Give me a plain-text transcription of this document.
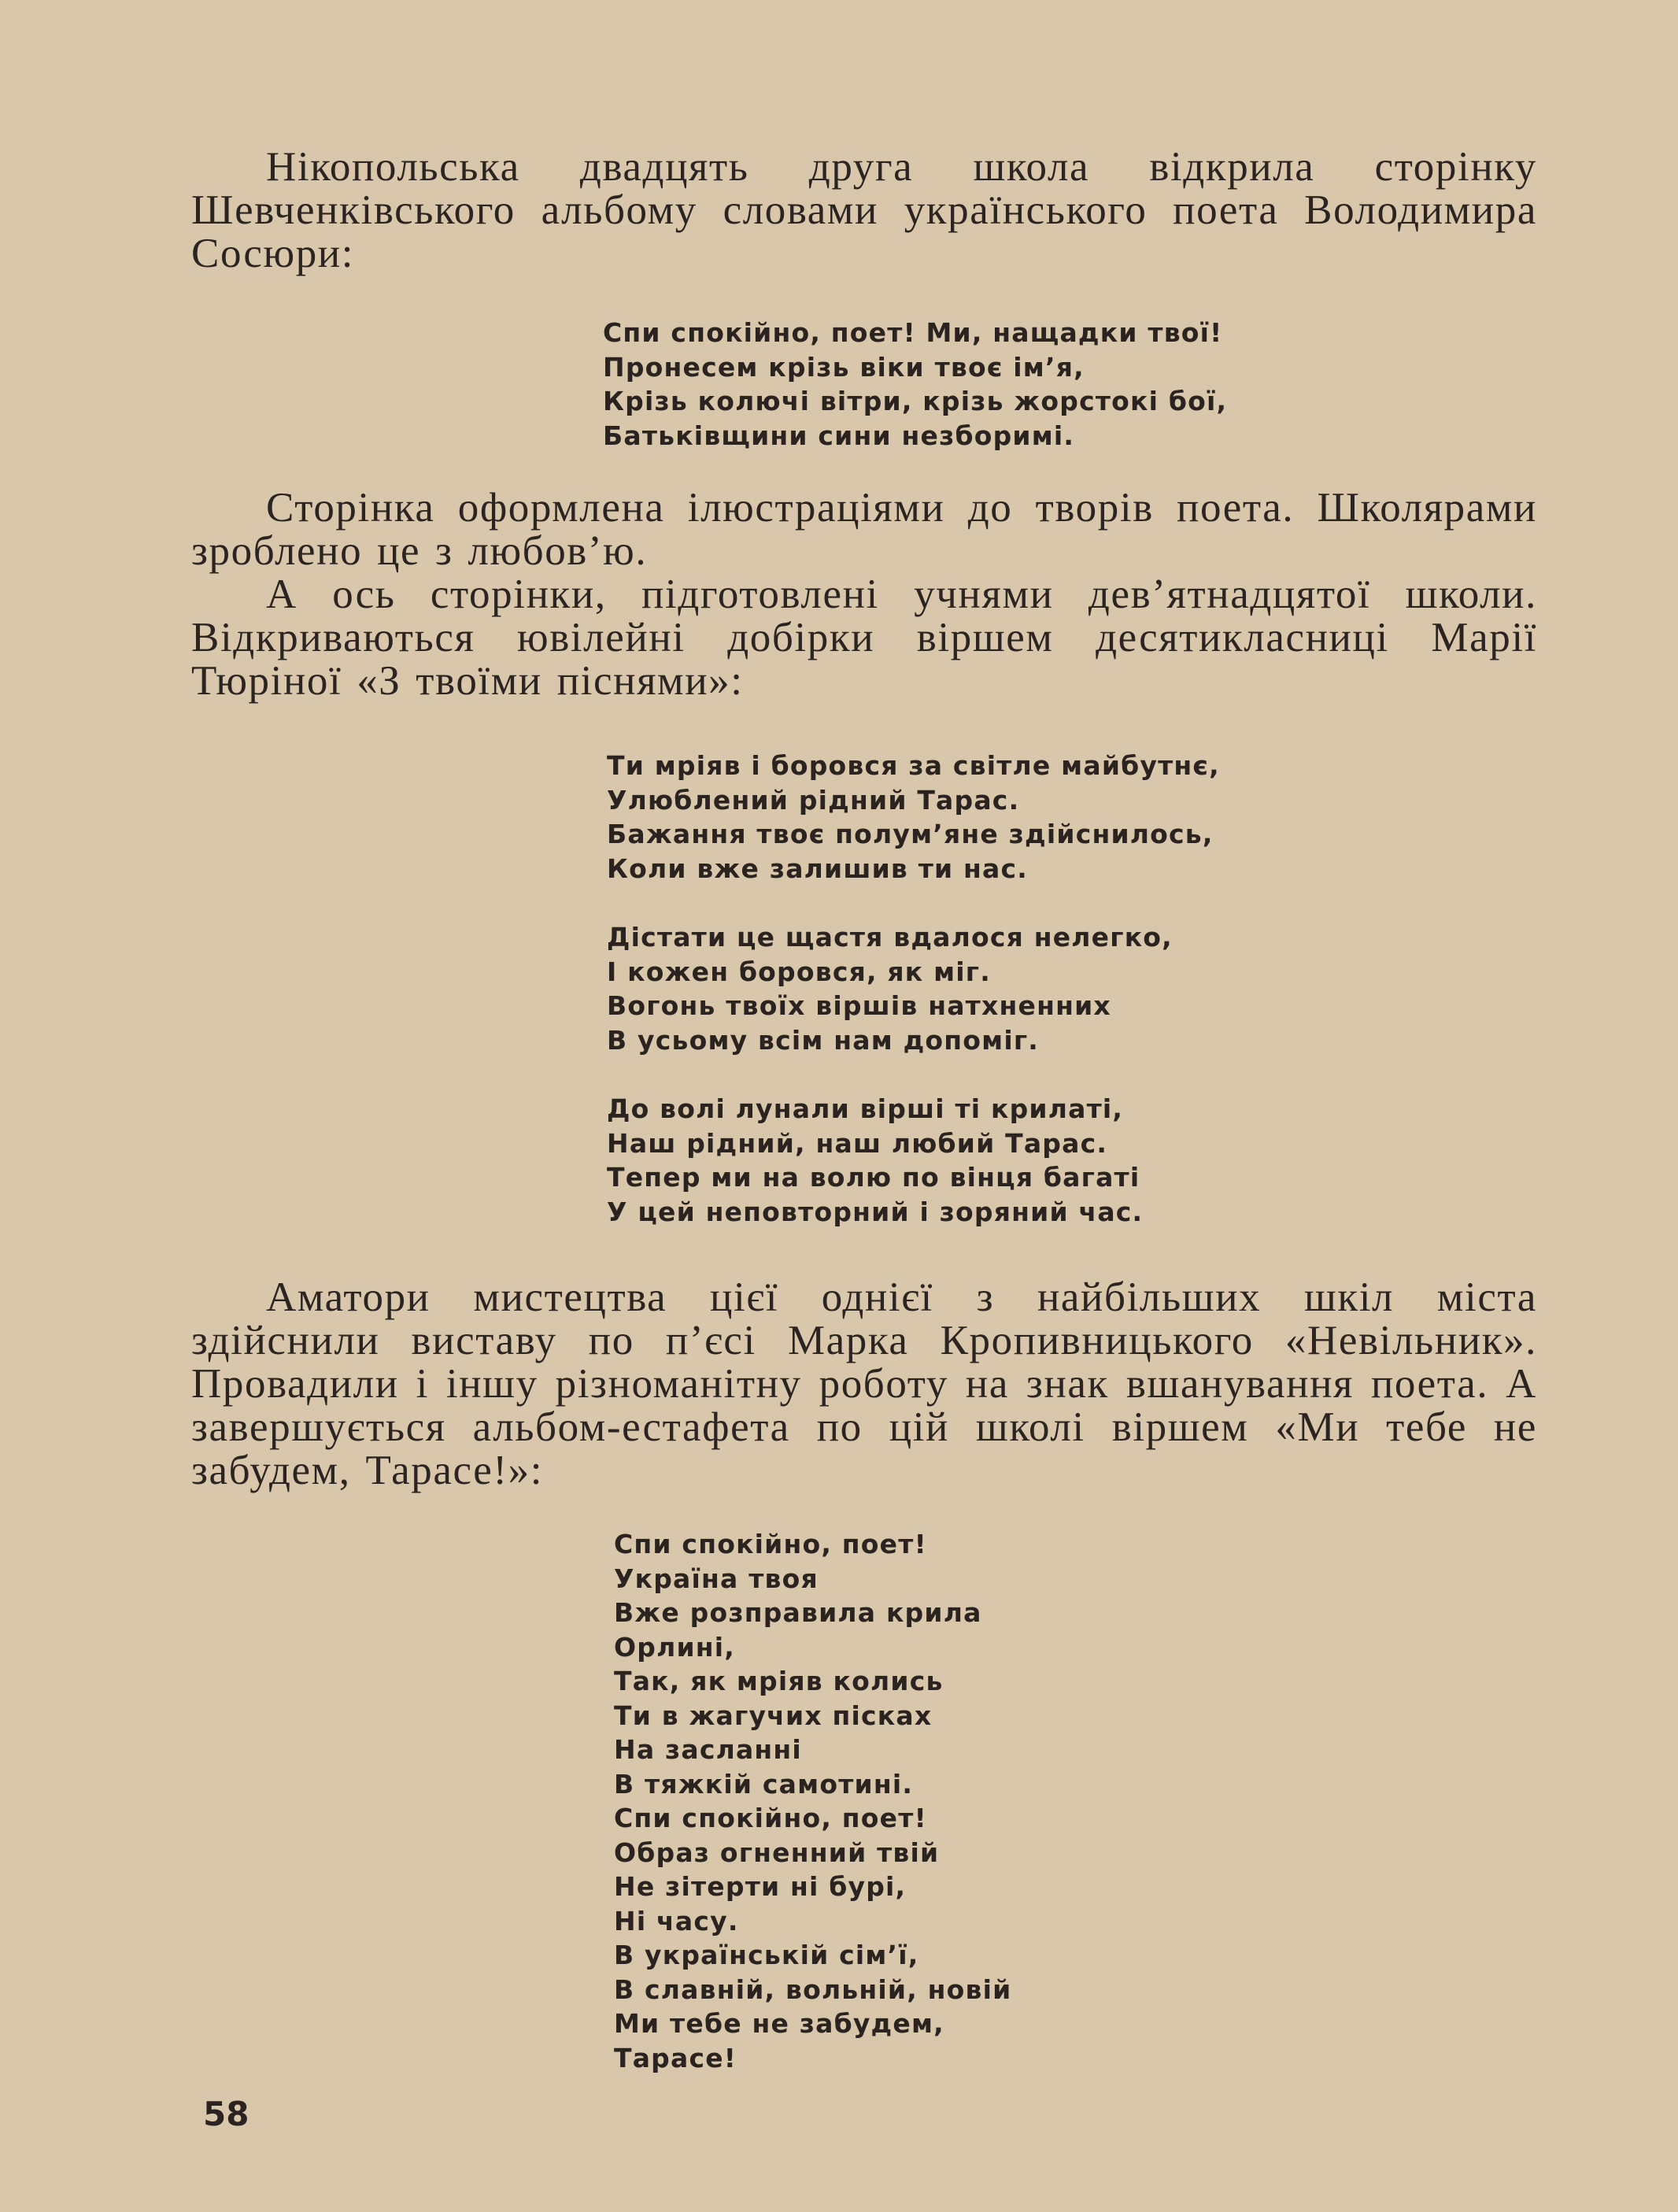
Нікопольська двадцять друга школа відкрила сторінку Шевченківського альбому словами українського поета Володимира Сосюри:

Спи спокійно, поет! Ми, нащадки твої!
Пронесем крізь віки твоє ім’я,
Крізь колючі вітри, крізь жорстокі бої,
Батьківщини сини незборимі.

Сторінка оформлена ілюстраціями до творів поета. Школярами зроблено це з любов’ю.

А ось сторінки, підготовлені учнями дев’ятнадцятої школи. Відкриваються ювілейні добірки віршем десятикласниці Марії Тюріної «З твоїми піснями»:

Ти мріяв і боровся за світле майбутнє,
Улюблений рідний Тарас.
Бажання твоє полум’яне здійснилось,
Коли вже залишив ти нас.
Дістати це щастя вдалося нелегко,
І кожен боровся, як міг.
Вогонь твоїх віршів натхненних
В усьому всім нам допоміг.
До волі лунали вірші ті крилаті,
Наш рідний, наш любий Тарас.
Тепер ми на волю по вінця багаті
У цей неповторний і зоряний час.

Аматори мистецтва цієї однієї з найбільших шкіл міста здійснили виставу по п’єсі Марка Кропивницького «Невільник». Провадили і іншу різноманітну роботу на знак вшанування поета. А завершується альбом-естафета по цій школі віршем «Ми тебе не забудем, Тарасе!»:

Спи спокійно, поет!
Україна твоя
Вже розправила крила
Орлині,
Так, як мріяв колись
Ти в жагучих пісках
На засланні
В тяжкій самотині.
Спи спокійно, поет!
Образ огненний твій
Не зітерти ні бурі,
Ні часу.
В українській сім’ї,
В славній, вольній, новій
Ми тебе не забудем,
Тарасе!
58
